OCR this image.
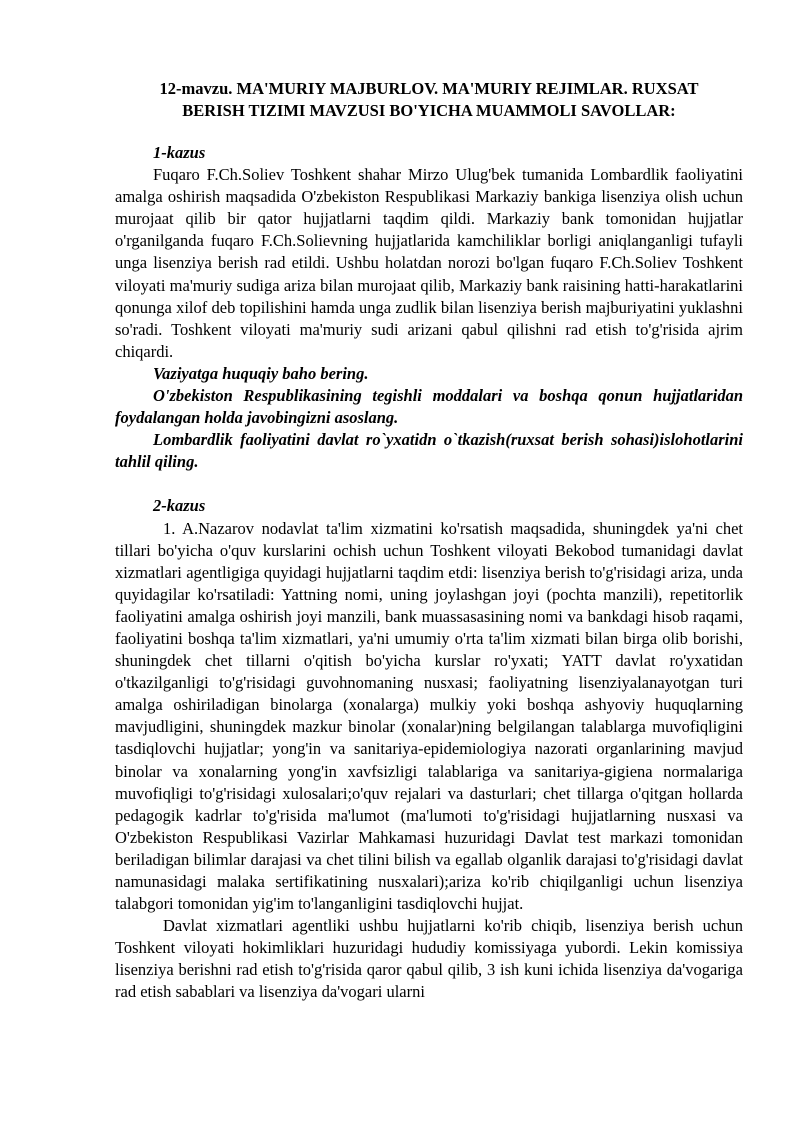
12-mavzu. MA'MURIY MAJBURLOV. MA'MURIY REJIMLAR. RUXSAT
BERISH TIZIMI MAVZUSI BO'YICHA MUAMMOLI SAVOLLAR:
1-kazus

Fuqaro F.Ch.Soliev Toshkent shahar Mirzo Ulug'bek tumanida Lombardlik faoliyatini amalga oshirish maqsadida O'zbekiston Respublikasi Markaziy bankiga lisenziya olish uchun murojaat qilib bir qator hujjatlarni taqdim qildi. Markaziy bank tomonidan hujjatlar o'rganilganda fuqaro F.Ch.Solievning hujjatlarida kamchiliklar borligi aniqlanganligi tufayli unga lisenziya berish rad etildi. Ushbu holatdan norozi bo'lgan fuqaro F.Ch.Soliev Toshkent viloyati ma'muriy sudiga ariza bilan murojaat qilib, Markaziy bank raisining hatti-harakatlarini qonunga xilof deb topilishini hamda unga zudlik bilan lisenziya berish majburiyatini yuklashni so'radi. Toshkent viloyati ma'muriy sudi arizani qabul qilishni rad etish to'g'risida ajrim chiqardi.

Vaziyatga huquqiy baho bering.

O'zbekiston Respublikasining tegishli moddalari va boshqa qonun hujjatlaridan foydalangan holda javobingizni asoslang.

Lombardlik faoliyatini davlat ro`yxatidn o`tkazish(ruxsat berish sohasi)islohotlarini tahlil qiling.

2-kazus

1. A.Nazarov nodavlat ta'lim xizmatini ko'rsatish maqsadida, shuningdek ya'ni chet tillari bo'yicha o'quv kurslarini ochish uchun Toshkent viloyati Bekobod tumanidagi davlat xizmatlari agentligiga quyidagi hujjatlarni taqdim etdi: lisenziya berish to'g'risidagi ariza, unda quyidagilar ko'rsatiladi: Yattning nomi, uning joylashgan joyi (pochta manzili), repetitorlik faoliyatini amalga oshirish joyi manzili, bank muassasasining nomi va bankdagi hisob raqami, faoliyatini boshqa ta'lim xizmatlari, ya'ni umumiy o'rta ta'lim xizmati bilan birga olib borishi, shuningdek chet tillarni o'qitish bo'yicha kurslar ro'yxati; YATT davlat ro'yxatidan o'tkazilganligi to'g'risidagi guvohnomaning nusxasi; faoliyatning lisenziyalanayotgan turi amalga oshiriladigan binolarga (xonalarga) mulkiy yoki boshqa ashyoviy huquqlarning mavjudligini, shuningdek mazkur binolar (xonalar)ning belgilangan talablarga muvofiqligini tasdiqlovchi hujjatlar; yong'in va sanitariya-epidemiologiya nazorati organlarining mavjud binolar va xonalarning yong'in xavfsizligi talablariga va sanitariya-gigiena normalariga muvofiqligi to'g'risidagi xulosalari;o'quv rejalari va dasturlari; chet tillarga o'qitgan hollarda pedagogik kadrlar to'g'risida ma'lumot (ma'lumoti to'g'risidagi hujjatlarning nusxasi va O'zbekiston Respublikasi Vazirlar Mahkamasi huzuridagi Davlat test markazi tomonidan beriladigan bilimlar darajasi va chet tilini bilish va egallab olganlik darajasi to'g'risidagi davlat namunasidagi malaka sertifikatining nusxalari);ariza ko'rib chiqilganligi uchun lisenziya talabgori tomonidan yig'im to'langanligini tasdiqlovchi hujjat.

Davlat xizmatlari agentliki ushbu hujjatlarni ko'rib chiqib, lisenziya berish uchun Toshkent viloyati hokimliklari huzuridagi hududiy komissiyaga yubordi. Lekin komissiya lisenziya berishni rad etish to'g'risida qaror qabul qilib, 3 ish kuni ichida lisenziya da'vogariga rad etish sabablari va lisenziya da'vogari ularni
